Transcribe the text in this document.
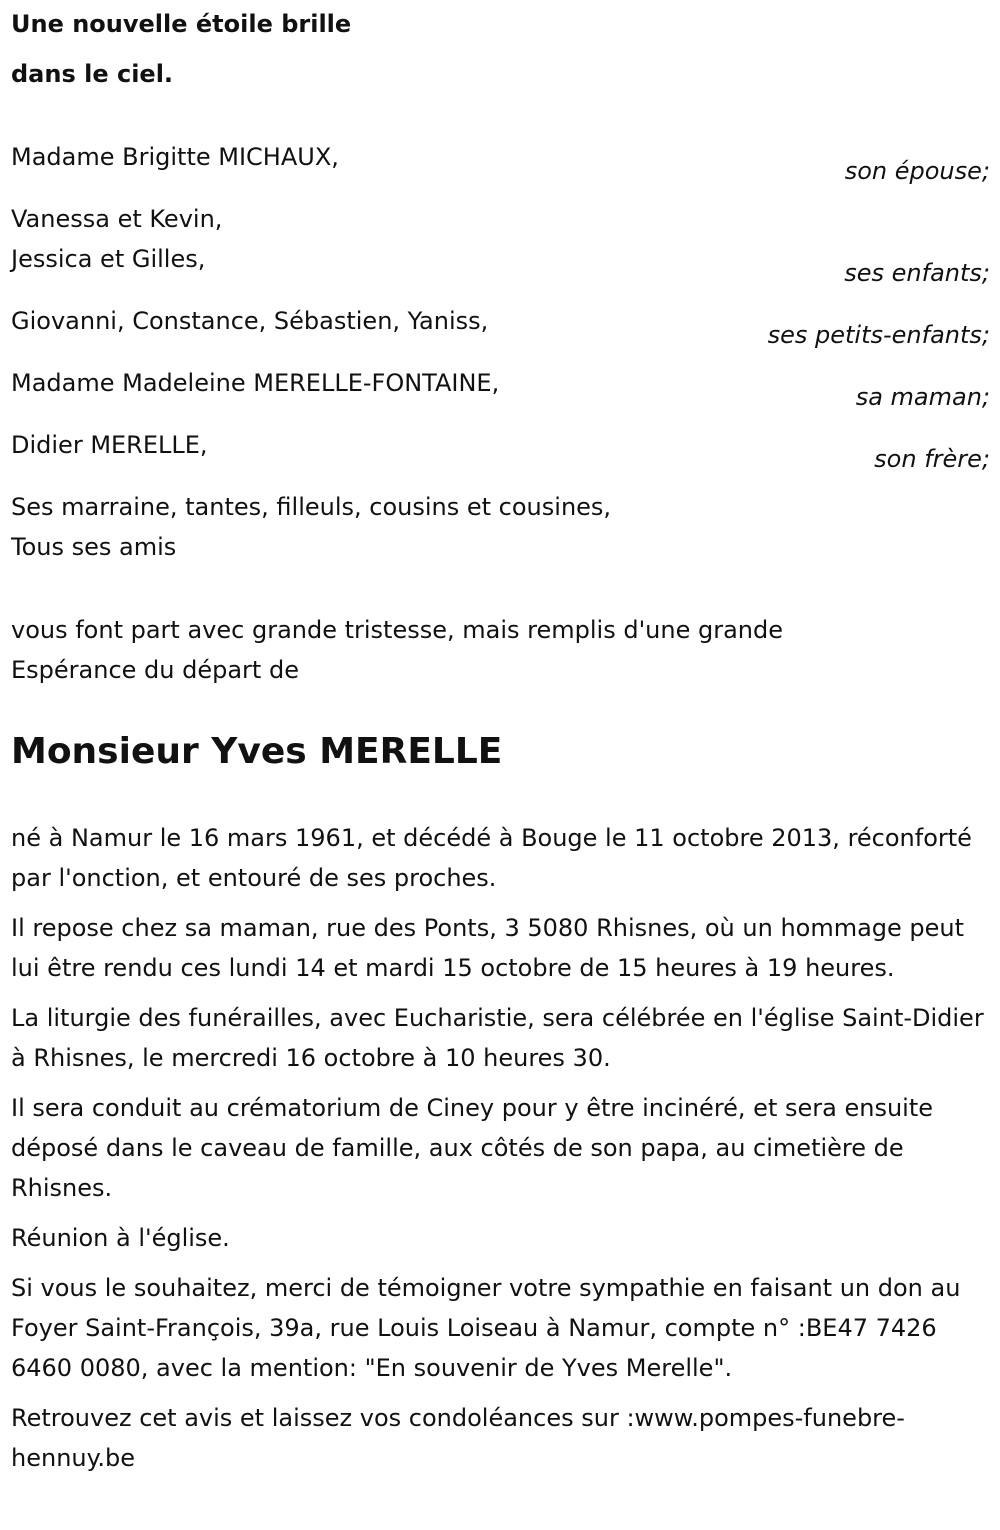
Une nouvelle étoile brille

dans le ciel.

Madame Brigitte MICHAUX,	son épouse;

Vanessa et Kevin,

Jessica et Gilles,	ses enfants;

Giovanni, Constance, Sébastien, Yaniss,	ses petits-enfants;

Madame Madeleine MERELLE-FONTAINE,	sa maman;

Didier MERELLE,	son frère;

Ses marraine, tantes, filleuls, cousins et cousines,

Tous ses amis

vous font part avec grande tristesse, mais remplis d'une grande
Espérance du départ de
Monsieur Yves MERELLE

né à Namur le 16 mars 1961, et décédé à Bouge le 11 octobre 2013, réconforté par l'onction, et entouré de ses proches.

Il repose chez sa maman, rue des Ponts, 3 5080 Rhisnes, où un hommage peut lui être rendu ces lundi 14 et mardi 15 octobre de 15 heures à 19 heures.

La liturgie des funérailles, avec Eucharistie, sera célébrée en l'église Saint-Didier à Rhisnes, le mercredi 16 octobre à 10 heures 30.

Il sera conduit au crématorium de Ciney pour y être incinéré, et sera ensuite déposé dans le caveau de famille, aux côtés de son papa, au cimetière de Rhisnes.

Réunion à l'église.

Si vous le souhaitez, merci de témoigner votre sympathie en faisant un don au Foyer Saint-François, 39a, rue Louis Loiseau à Namur, compte n° :BE47 7426 6460 0080, avec la mention: "En souvenir de Yves Merelle".

Retrouvez cet avis et laissez vos condoléances sur :www.pompes-funebre-hennuy.be
